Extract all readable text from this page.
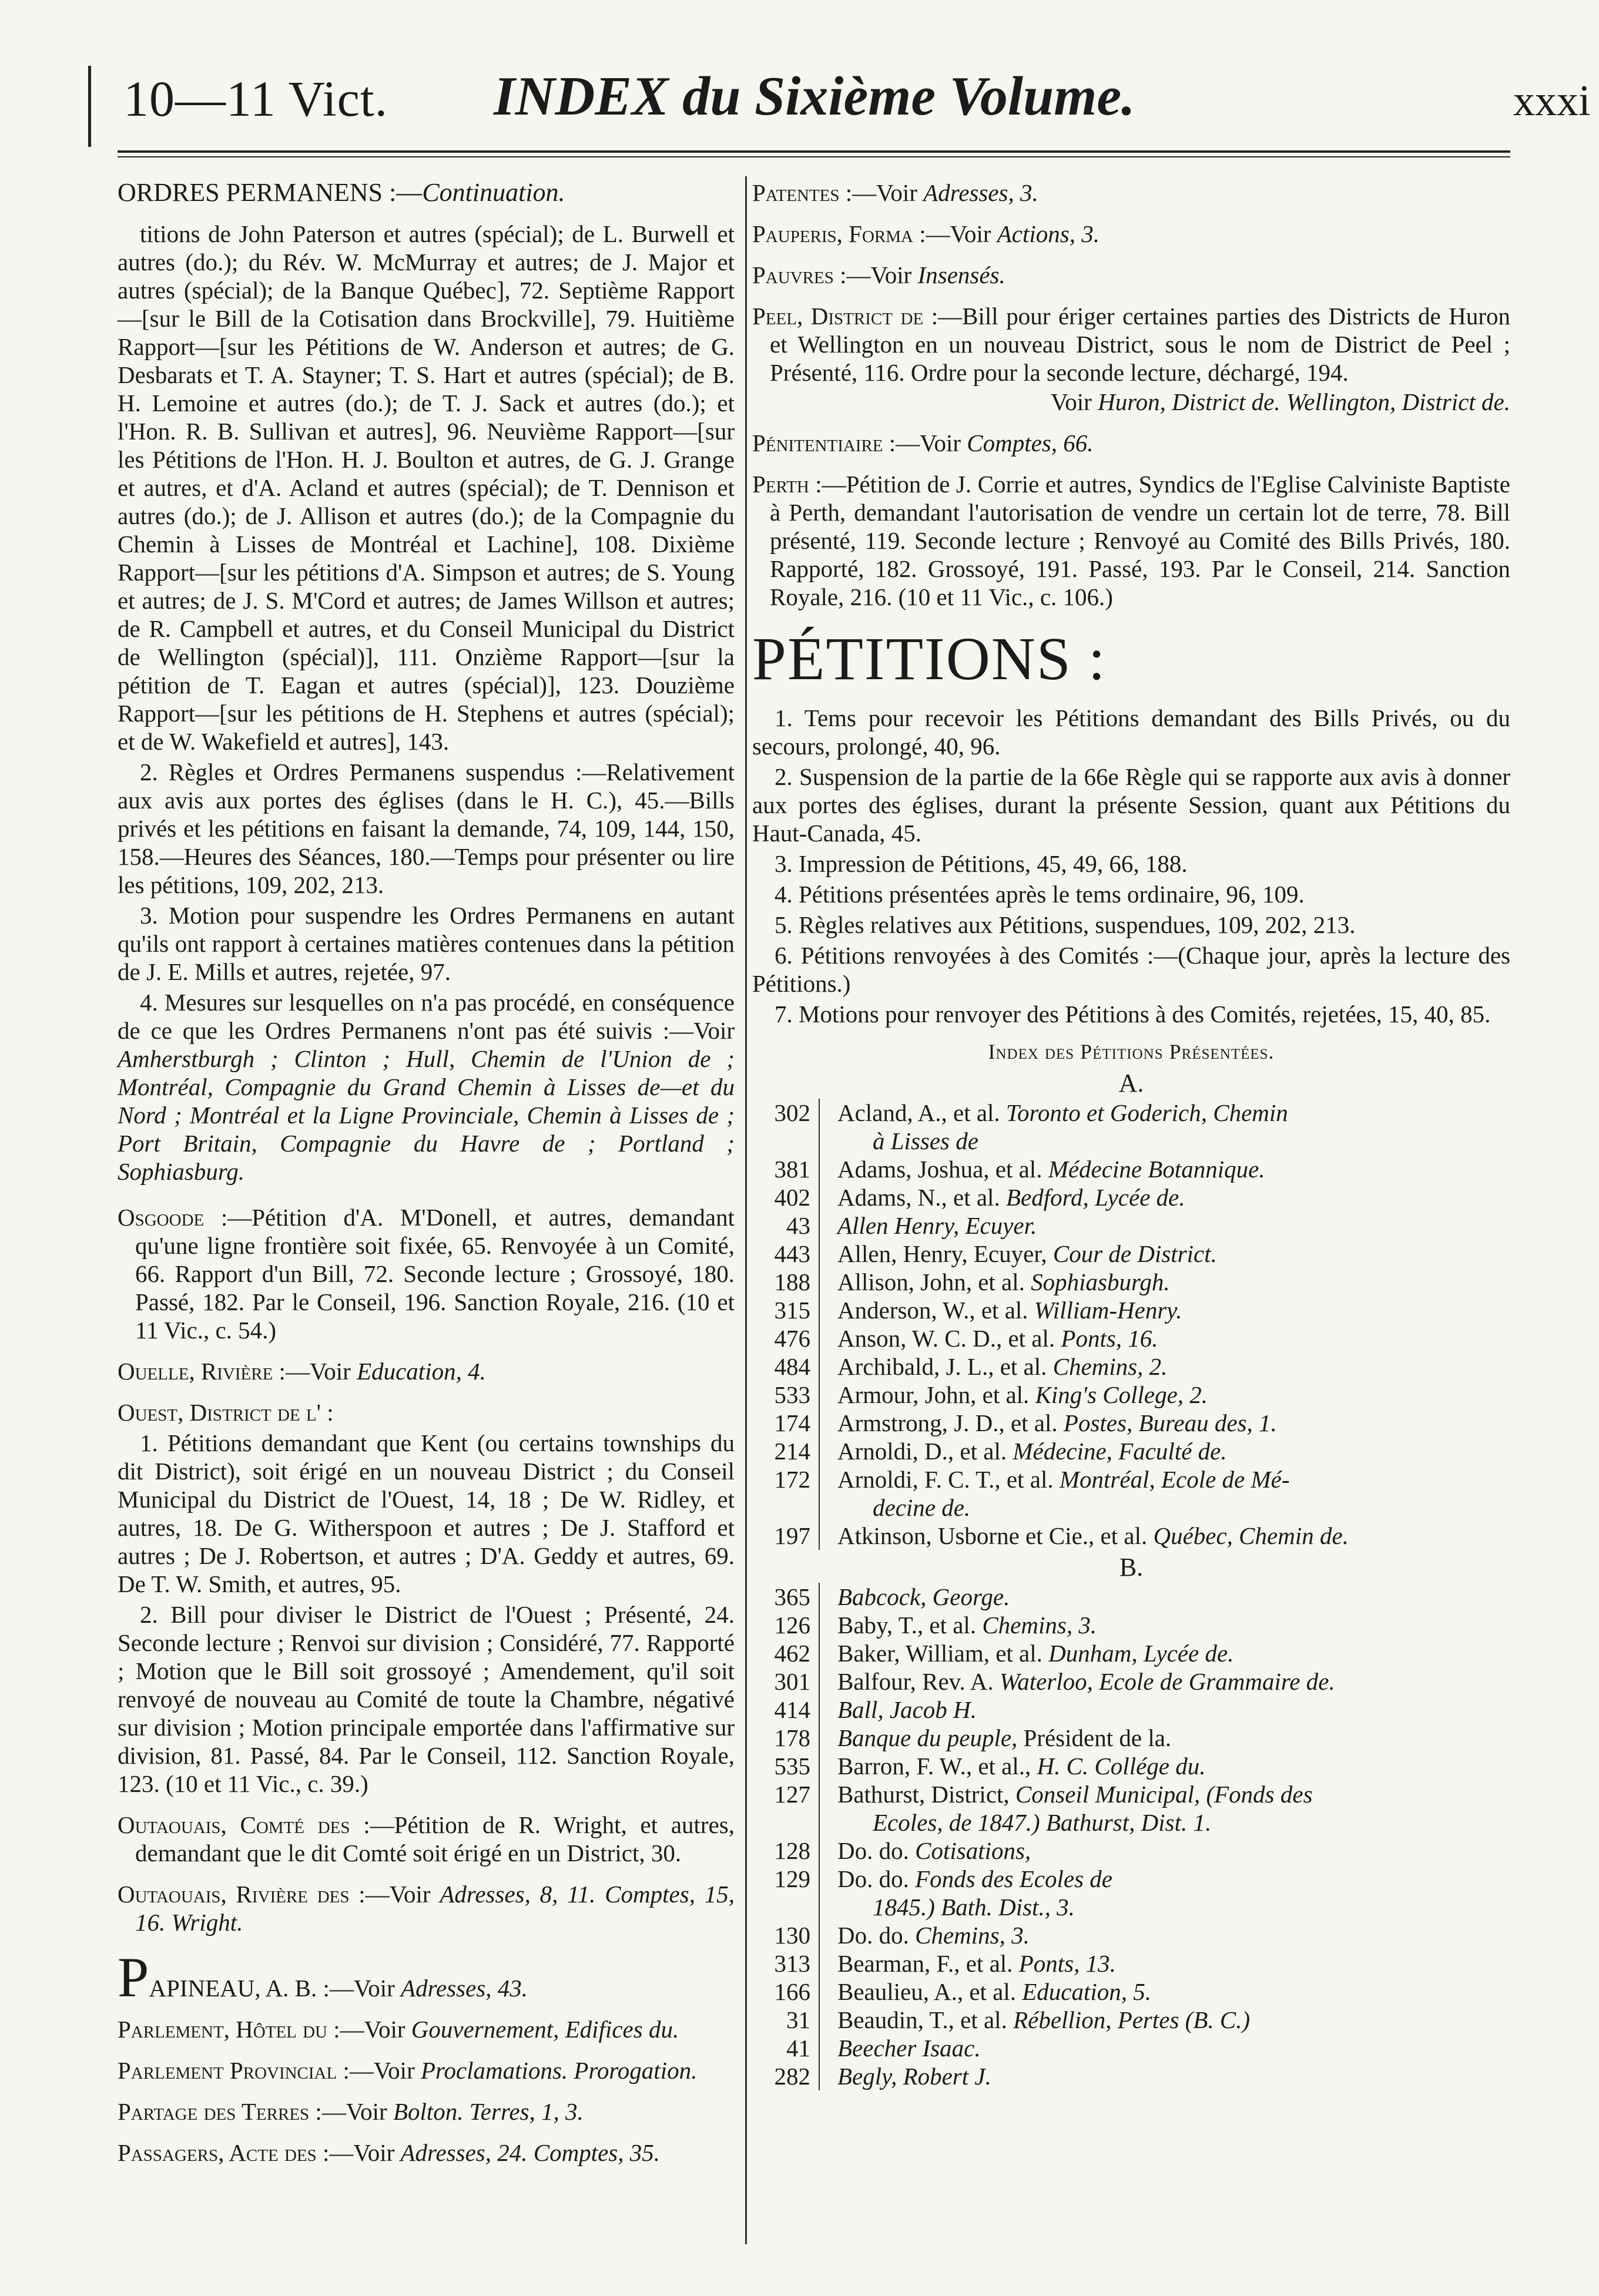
10—11 Vict. INDEX du Sixième Volume.	xxxi

ORDRES PERMANENS :—Continuation.

titions de John Paterson et autres (spécial); de L. Burwell et autres (do.); du Rév. W. McMurray et autres; de J. Major et autres (spécial); de la Banque Québec], 72. Septième Rapport—[sur le Bill de la Cotisation dans Brockville], 79. Huitième Rapport—[sur les Pétitions de W. Anderson et autres; de G. Desbarats et T. A. Stayner; T. S. Hart et autres (spécial); de B. H. Lemoine et autres (do.); de T. J. Sack et autres (do.); et l'Hon. R. B. Sullivan et autres], 96. Neuvième Rapport—[sur les Pétitions de l'Hon. H. J. Boulton et autres, de G. J. Grange et autres, et d'A. Acland et autres (spécial); de T. Dennison et autres (do.); de J. Allison et autres (do.); de la Compagnie du Chemin à Lisses de Montréal et Lachine], 108. Dixième Rapport—[sur les pétitions d'A. Simpson et autres; de S. Young et autres; de J. S. M'Cord et autres; de James Willson et autres; de R. Campbell et autres, et du Conseil Municipal du District de Wellington (spécial)], 111. Onzième Rapport—[sur la pétition de T. Eagan et autres (spécial)], 123. Douzième Rapport—[sur les pétitions de H. Stephens et autres (spécial); et de W. Wakefield et autres], 143.

2. Règles et Ordres Permanens suspendus :—Relativement aux avis aux portes des églises (dans le H. C.), 45.—Bills privés et les pétitions en faisant la demande, 74, 109, 144, 150, 158.—Heures des Séances, 180.—Temps pour présenter ou lire les pétitions, 109, 202, 213.

3. Motion pour suspendre les Ordres Permanens en autant qu'ils ont rapport à certaines matières contenues dans la pétition de J. E. Mills et autres, rejetée, 97.

4. Mesures sur lesquelles on n'a pas procédé, en conséquence de ce que les Ordres Permanens n'ont pas été suivis :—Voir Amherstburgh ; Clinton ; Hull, Chemin de l'Union de ; Montréal, Compagnie du Grand Chemin à Lisses de—et du Nord ; Montréal et la Ligne Provinciale, Chemin à Lisses de ; Port Britain, Compagnie du Havre de ; Portland ; Sophiasburg.

Osgoode :—Pétition d'A. M'Donell, et autres, demandant qu'une ligne frontière soit fixée, 65. Renvoyée à un Comité, 66. Rapport d'un Bill, 72. Seconde lecture ; Grossoyé, 180. Passé, 182. Par le Conseil, 196. Sanction Royale, 216. (10 et 11 Vic., c. 54.)

Ouelle, Rivière :—Voir Education, 4.

Ouest, District de l' :

1. Pétitions demandant que Kent (ou certains townships du dit District), soit érigé en un nouveau District ; du Conseil Municipal du District de l'Ouest, 14, 18 ; De W. Ridley, et autres, 18. De G. Witherspoon et autres ; De J. Stafford et autres ; De J. Robertson, et autres ; D'A. Geddy et autres, 69. De T. W. Smith, et autres, 95.

2. Bill pour diviser le District de l'Ouest ; Présenté, 24. Seconde lecture ; Renvoi sur division ; Considéré, 77. Rapporté ; Motion que le Bill soit grossoyé ; Amendement, qu'il soit renvoyé de nouveau au Comité de toute la Chambre, négativé sur division ; Motion principale emportée dans l'affirmative sur division, 81. Passé, 84. Par le Conseil, 112. Sanction Royale, 123. (10 et 11 Vic., c. 39.)

Outaouais, Comté des :—Pétition de R. Wright, et autres, demandant que le dit Comté soit érigé en un District, 30.

Outaouais, Rivière des :—Voir Adresses, 8, 11. Comptes, 15, 16. Wright.

PAPINEAU, A. B. :—Voir Adresses, 43.

Parlement, Hôtel du :—Voir Gouvernement, Edifices du.

Parlement Provincial :—Voir Proclamations. Prorogation.

Partage des Terres :—Voir Bolton. Terres, 1, 3.

Passagers, Acte des :—Voir Adresses, 24. Comptes, 35.

Patentes :—Voir Adresses, 3.

Pauperis, Forma :—Voir Actions, 3.

Pauvres :—Voir Insensés.

Peel, District de :—Bill pour ériger certaines parties des Districts de Huron et Wellington en un nouveau District, sous le nom de District de Peel ; Présenté, 116. Ordre pour la seconde lecture, déchargé, 194.

Voir Huron, District de. Wellington, District de.

Pénitentiaire :—Voir Comptes, 66.

Perth :—Pétition de J. Corrie et autres, Syndics de l'Eglise Calviniste Baptiste à Perth, demandant l'autorisation de vendre un certain lot de terre, 78. Bill présenté, 119. Seconde lecture ; Renvoyé au Comité des Bills Privés, 180. Rapporté, 182. Grossoyé, 191. Passé, 193. Par le Conseil, 214. Sanction Royale, 216. (10 et 11 Vic., c. 106.)

PÉTITIONS :

1. Tems pour recevoir les Pétitions demandant des Bills Privés, ou du secours, prolongé, 40, 96.

2. Suspension de la partie de la 66e Règle qui se rapporte aux avis à donner aux portes des églises, durant la présente Session, quant aux Pétitions du Haut-Canada, 45.

3. Impression de Pétitions, 45, 49, 66, 188.

4. Pétitions présentées après le tems ordinaire, 96, 109.

5. Règles relatives aux Pétitions, suspendues, 109, 202, 213.

6. Pétitions renvoyées à des Comités :—(Chaque jour, après la lecture des Pétitions.)

7. Motions pour renvoyer des Pétitions à des Comités, rejetées, 15, 40, 85.

Index des Pétitions Présentées.
A.
302	Acland, A., et al. Toronto et Goderich, Chemin
à Lisses de
381	Adams, Joshua, et al. Médecine Botannique.
402	Adams, N., et al. Bedford, Lycée de.
43	Allen Henry, Ecuyer.
443	Allen, Henry, Ecuyer, Cour de District.
188	Allison, John, et al. Sophiasburgh.
315	Anderson, W., et al. William-Henry.
476	Anson, W. C. D., et al. Ponts, 16.
484	Archibald, J. L., et al. Chemins, 2.
533	Armour, John, et al. King's College, 2.
174	Armstrong, J. D., et al. Postes, Bureau des, 1.
214	Arnoldi, D., et al. Médecine, Faculté de.
172	Arnoldi, F. C. T., et al. Montréal, Ecole de Mé-
decine de.
197	Atkinson, Usborne et Cie., et al. Québec, Chemin de.
B.
365	Babcock, George.
126	Baby, T., et al. Chemins, 3.
462	Baker, William, et al. Dunham, Lycée de.
301	Balfour, Rev. A. Waterloo, Ecole de Grammaire de.
414	Ball, Jacob H.
178	Banque du peuple, Président de la.
535	Barron, F. W., et al., H. C. Collége du.
127	Bathurst, District, Conseil Municipal, (Fonds des
Ecoles, de 1847.) Bathurst, Dist. 1.
128	Do. do. Cotisations,
129	Do. do. Fonds des Ecoles de
1845.) Bath. Dist., 3.
130	Do. do. Chemins, 3.
313	Bearman, F., et al. Ponts, 13.
166	Beaulieu, A., et al. Education, 5.
31	Beaudin, T., et al. Rébellion, Pertes (B. C.)
41	Beecher Isaac.
282	Begly, Robert J.
